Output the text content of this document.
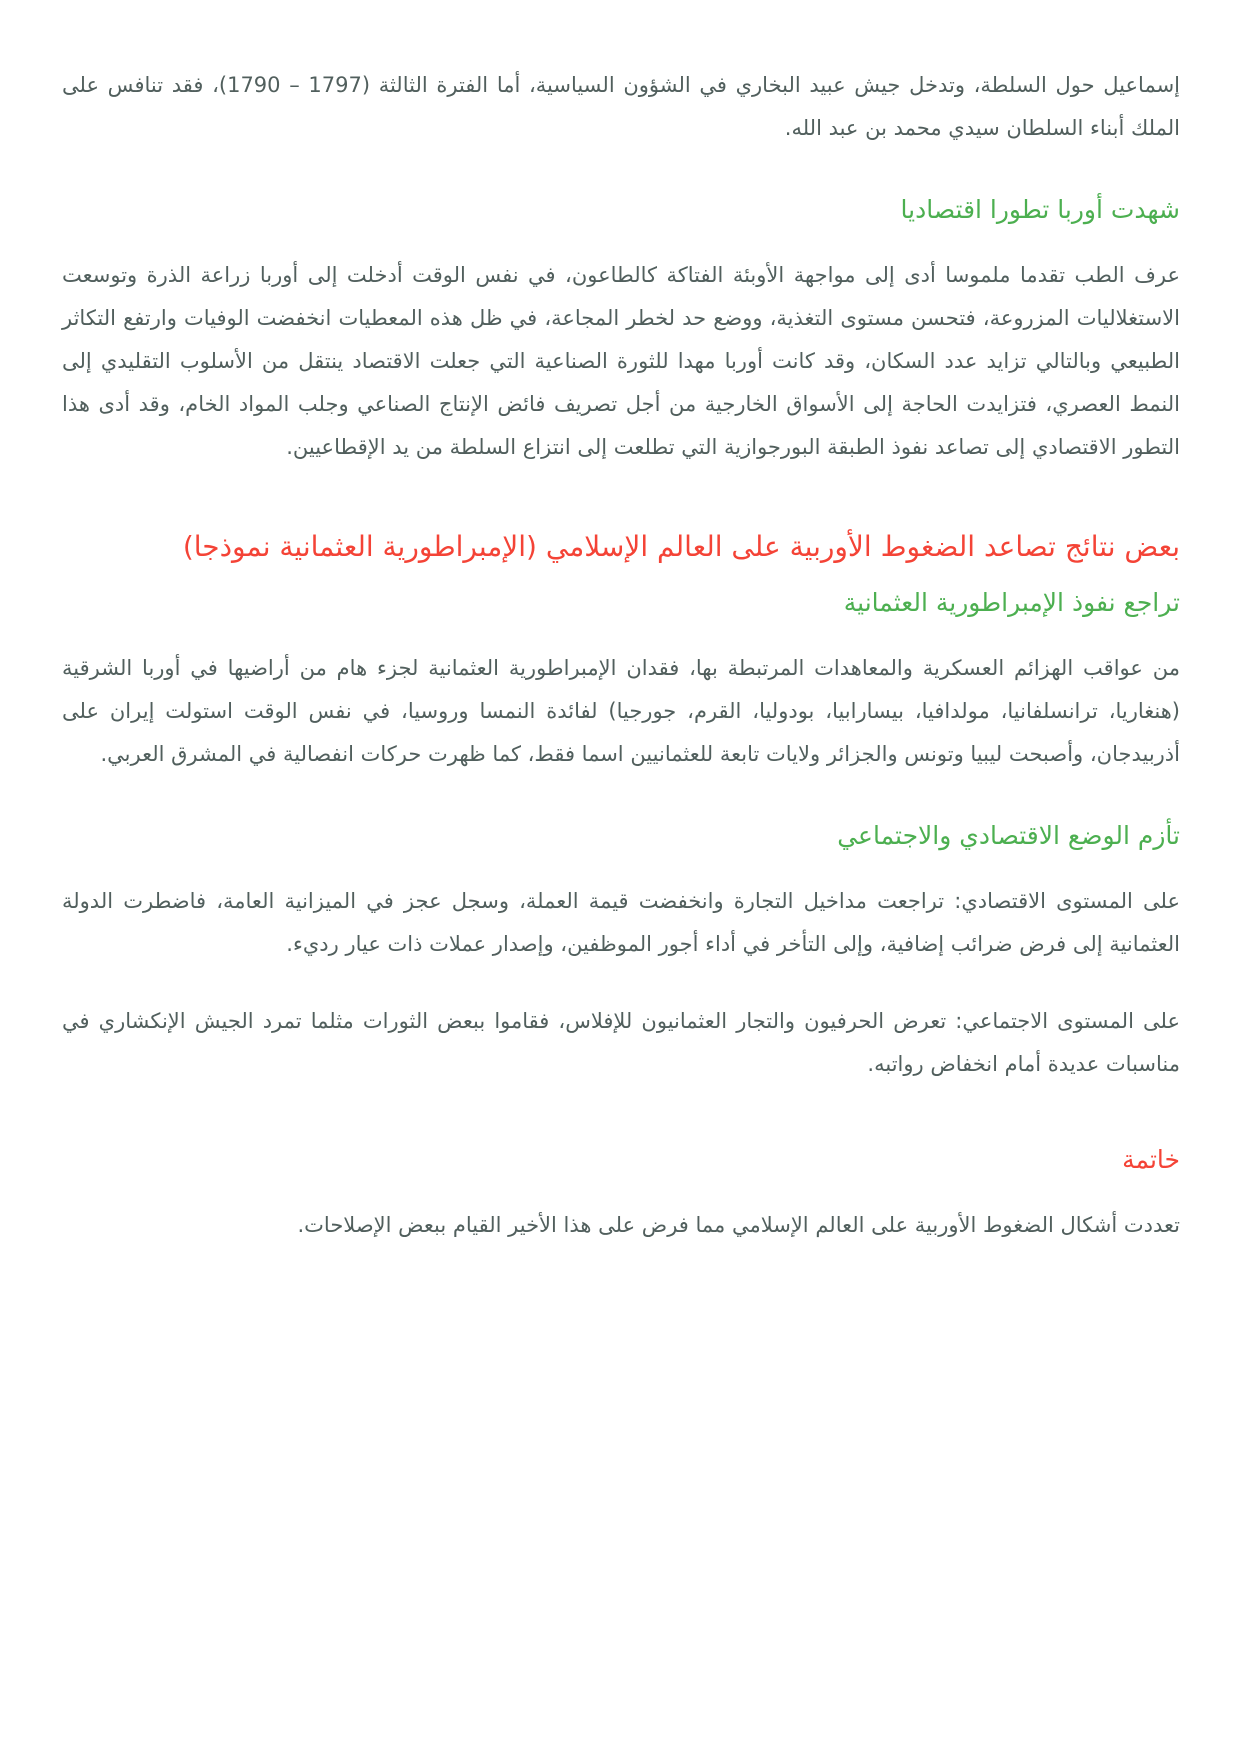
إسماعيل حول السلطة، وتدخل جيش عبيد البخاري في الشؤون السياسية، أما الفترة الثالثة ⁦(1790 – 1797)⁩، فقد تنافس على الملك أبناء السلطان سيدي محمد بن عبد الله.

شهدت أوربا تطورا اقتصاديا

عرف الطب تقدما ملموسا أدى إلى مواجهة الأوبئة الفتاكة كالطاعون، في نفس الوقت أدخلت إلى أوربا زراعة الذرة وتوسعت الاستغلاليات المزروعة، فتحسن مستوى التغذية، ووضع حد لخطر المجاعة، في ظل هذه المعطيات انخفضت الوفيات وارتفع التكاثر الطبيعي وبالتالي تزايد عدد السكان، وقد كانت أوربا مهدا للثورة الصناعية التي جعلت الاقتصاد ينتقل من الأسلوب التقليدي إلى النمط العصري، فتزايدت الحاجة إلى الأسواق الخارجية من أجل تصريف فائض الإنتاج الصناعي وجلب المواد الخام، وقد أدى هذا التطور الاقتصادي إلى تصاعد نفوذ الطبقة البورجوازية التي تطلعت إلى انتزاع السلطة من يد الإقطاعيين.

بعض نتائج تصاعد الضغوط الأوربية على العالم الإسلامي (الإمبراطورية العثمانية نموذجا)
تراجع نفوذ الإمبراطورية العثمانية

من عواقب الهزائم العسكرية والمعاهدات المرتبطة بها، فقدان الإمبراطورية العثمانية لجزء هام من أراضيها في أوربا الشرقية (هنغاريا، ترانسلفانيا، مولدافيا، بيسارابيا، بودوليا، القرم، جورجيا) لفائدة النمسا وروسيا، في نفس الوقت استولت إيران على أذربيدجان، وأصبحت ليبيا وتونس والجزائر ولايات تابعة للعثمانيين اسما فقط، كما ظهرت حركات انفصالية في المشرق العربي.

تأزم الوضع الاقتصادي والاجتماعي

على المستوى الاقتصادي: تراجعت مداخيل التجارة وانخفضت قيمة العملة، وسجل عجز في الميزانية العامة، فاضطرت الدولة العثمانية إلى فرض ضرائب إضافية، وإلى التأخر في أداء أجور الموظفين، وإصدار عملات ذات عيار رديء.

على المستوى الاجتماعي: تعرض الحرفيون والتجار العثمانيون للإفلاس، فقاموا ببعض الثورات مثلما تمرد الجيش الإنكشاري في مناسبات عديدة أمام انخفاض رواتبه.

خاتمة

تعددت أشكال الضغوط الأوربية على العالم الإسلامي مما فرض على هذا الأخير القيام ببعض الإصلاحات.
